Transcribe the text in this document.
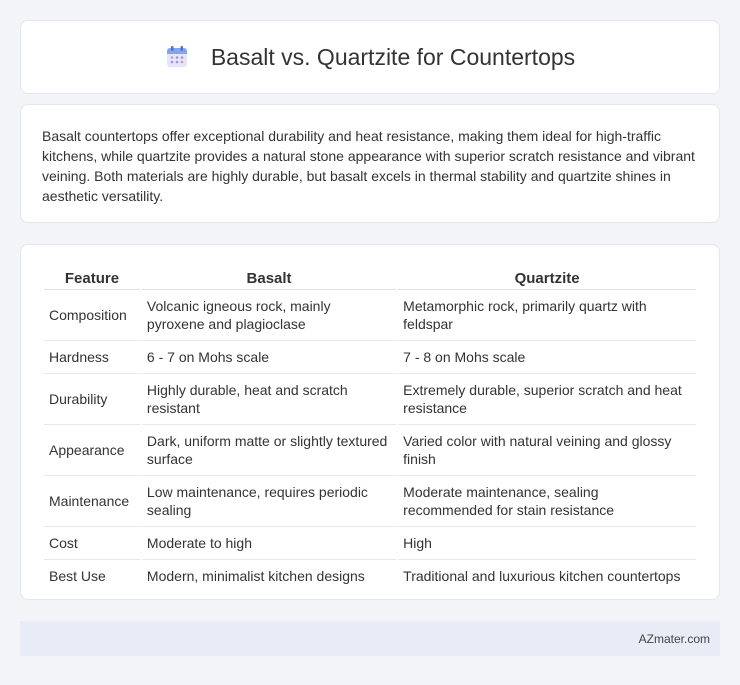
Basalt vs. Quartzite for Countertops

Basalt countertops offer exceptional durability and heat resistance, making them ideal for high-traffic kitchens, while quartzite provides a natural stone appearance with superior scratch resistance and vibrant veining. Both materials are highly durable, but basalt excels in thermal stability and quartzite shines in aesthetic versatility.

Feature	Basalt	Quartzite
Composition	Volcanic igneous rock, mainly pyroxene and plagioclase	Metamorphic rock, primarily quartz with feldspar
Hardness	6 - 7 on Mohs scale	7 - 8 on Mohs scale
Durability	Highly durable, heat and scratch resistant	Extremely durable, superior scratch and heat resistance
Appearance	Dark, uniform matte or slightly textured surface	Varied color with natural veining and glossy finish
Maintenance	Low maintenance, requires periodic sealing	Moderate maintenance, sealing recommended for stain resistance
Cost	Moderate to high	High
Best Use	Modern, minimalist kitchen designs	Traditional and luxurious kitchen countertops
AZmater.com
